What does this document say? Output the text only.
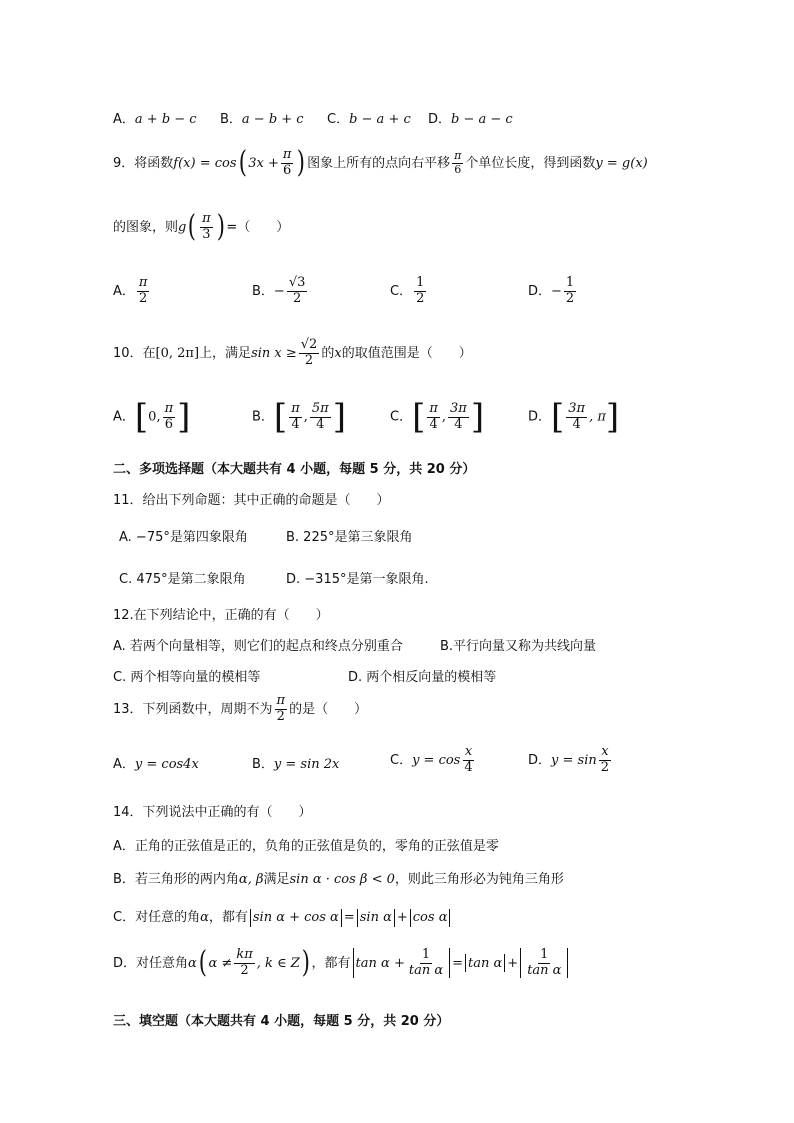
A．a + b − c B．a − b + c C．b − a + c D．b − a − c
9．将函数f(x) = cos( $3x + \frac{\pi}{6}$ ) 图象上所有的点向右平移 $\frac{\pi}{6}$ 个单位长度，得到函数y = g(x)
的图象，则$g( \frac{\pi}{3}$ ) =（　　）
A． $\frac{\pi}{2}$	B．− $\frac{√3}{2}$	C． $\frac{1}{2}$	D．− $\frac{1}{2}$
10．在[0, 2π]上，满足$\sin x \ge \frac{√2}{2}$ 的x的取值范围是（　　）
A．[0, $\frac{\pi}{6}$ ]	B．[ $\frac{\pi}{4}$ , $\frac{5\pi}{4}$ ]	C．[ $\frac{\pi}{4}$ , $\frac{3\pi}{4}$ ]	D．[ $\frac{3\pi}{4}$ , π]
二、多项选择题（本大题共有 4 小题，每题 5 分，共 20 分）
11．给出下列命题：其中正确的命题是（　　）
A. −75°是第四象限角	B. 225°是第三象限角
C. 475°是第二象限角	D. −315°是第一象限角.
12.在下列结论中，正确的有（　　）
A. 若两个向量相等，则它们的起点和终点分别重合	B.平行向量又称为共线向量
C. 两个相等向量的模相等	D. 两个相反向量的模相等
13．下列函数中，周期不为 $\frac{\pi}{2}$ 的是（　　）
A．y = cos4x	B．y = sin 2x	C．$y = \cos \frac{x}{4}$	D．$y = \sin \frac{x}{2}$
14．下列说法中正确的有（　　）
A．正角的正弦值是正的，负角的正弦值是负的，零角的正弦值是零
B．若三角形的两内角α, β满足sin α · cos β < 0，则此三角形必为钝角三角形
C．对任意的角α，都有 sin α + cos α = sin α + cos α
D．对任意角α( $\alpha \ne \frac{k\pi}{2}$ , k ∈ Z) ，都有 $\tan \alpha + \frac{1}{\text{tan α}} = \tan \alpha + \frac{1}{\text{tan α}}$
三、填空题（本大题共有 4 小题，每题 5 分，共 20 分）
